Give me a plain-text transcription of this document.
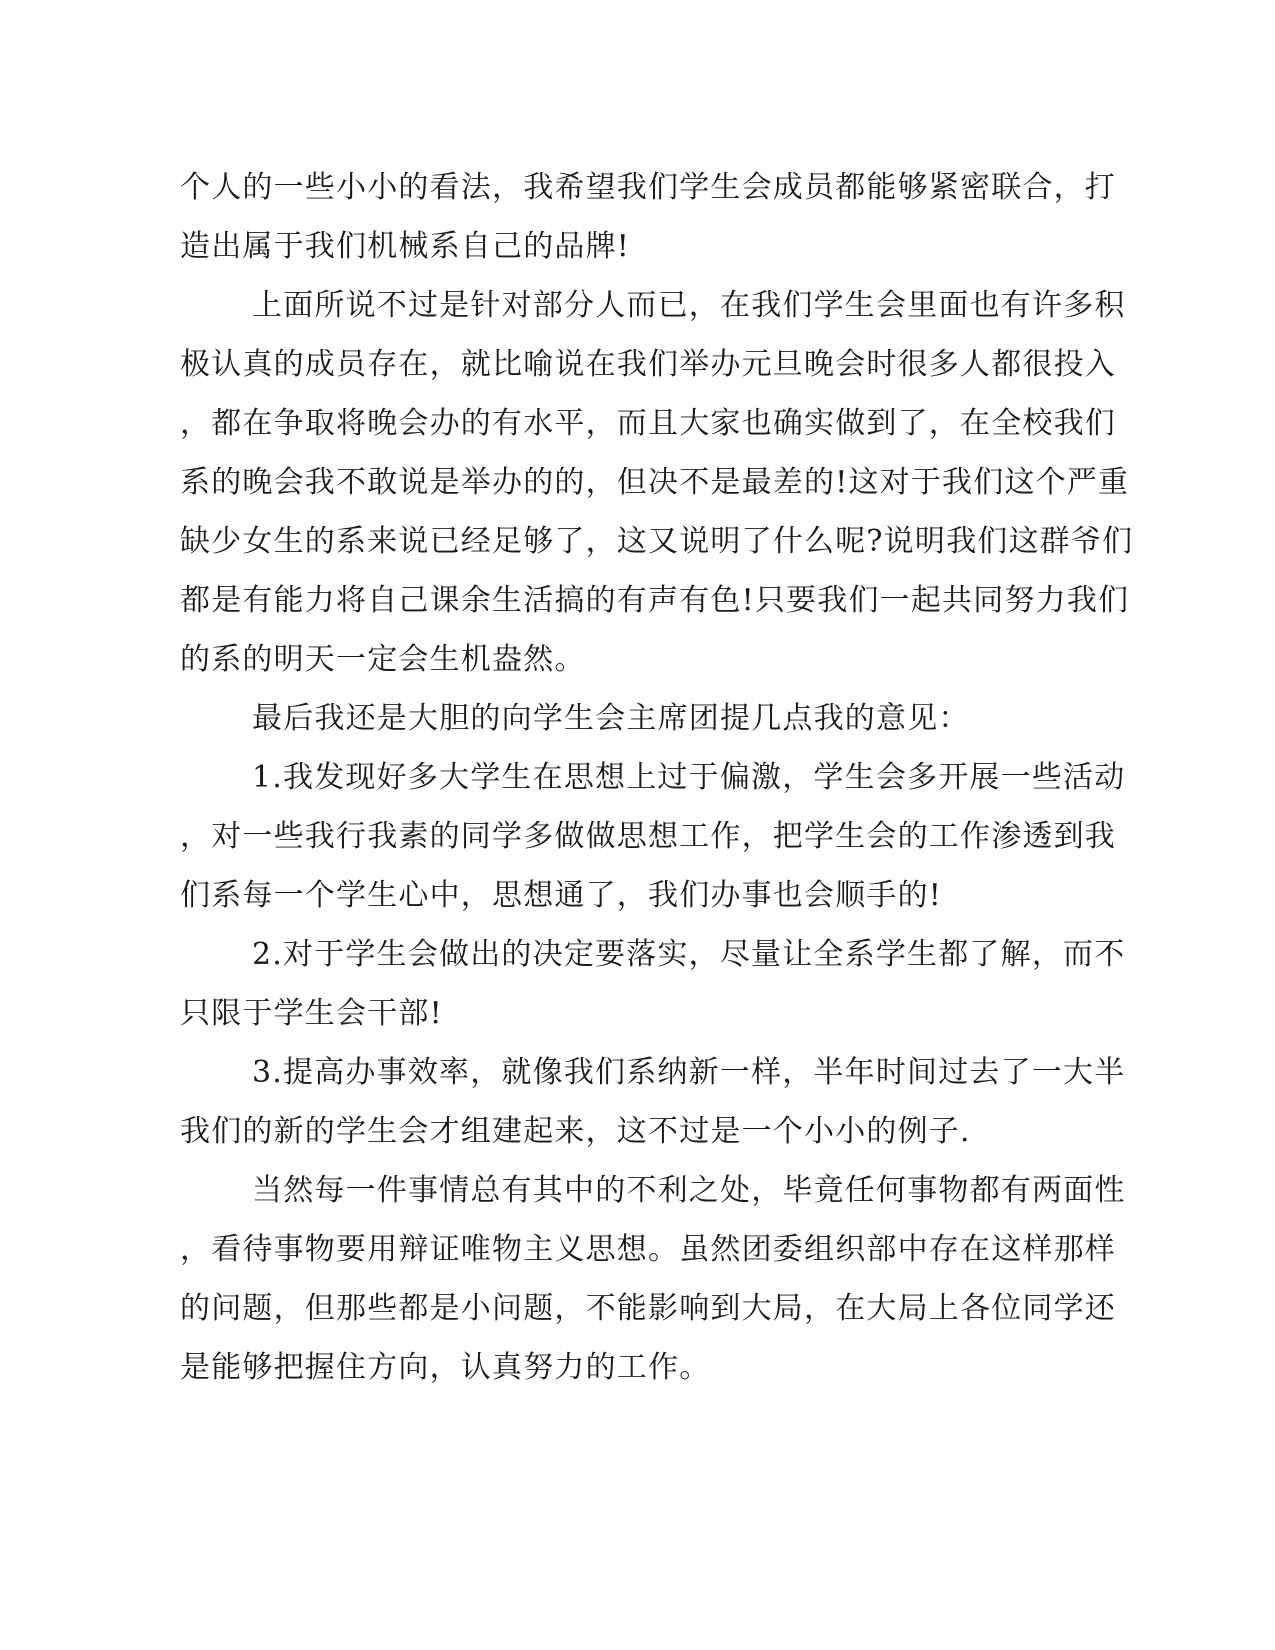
个人的一些小小的看法，我希望我们学生会成员都能够紧密联合，打
造出属于我们机械系自己的品牌!
上面所说不过是针对部分人而已，在我们学生会里面也有许多积
极认真的成员存在，就比喻说在我们举办元旦晚会时很多人都很投入
，都在争取将晚会办的有水平，而且大家也确实做到了，在全校我们
系的晚会我不敢说是举办的的，但决不是最差的!这对于我们这个严重
缺少女生的系来说已经足够了，这又说明了什么呢?说明我们这群爷们
都是有能力将自己课余生活搞的有声有色!只要我们一起共同努力我们
的系的明天一定会生机盎然。
最后我还是大胆的向学生会主席团提几点我的意见：
1.我发现好多大学生在思想上过于偏激，学生会多开展一些活动
，对一些我行我素的同学多做做思想工作，把学生会的工作渗透到我
们系每一个学生心中，思想通了，我们办事也会顺手的!
2.对于学生会做出的决定要落实，尽量让全系学生都了解，而不
只限于学生会干部!
3.提高办事效率，就像我们系纳新一样，半年时间过去了一大半
我们的新的学生会才组建起来，这不过是一个小小的例子.
当然每一件事情总有其中的不利之处，毕竟任何事物都有两面性
，看待事物要用辩证唯物主义思想。虽然团委组织部中存在这样那样
的问题，但那些都是小问题，不能影响到大局，在大局上各位同学还
是能够把握住方向，认真努力的工作。
